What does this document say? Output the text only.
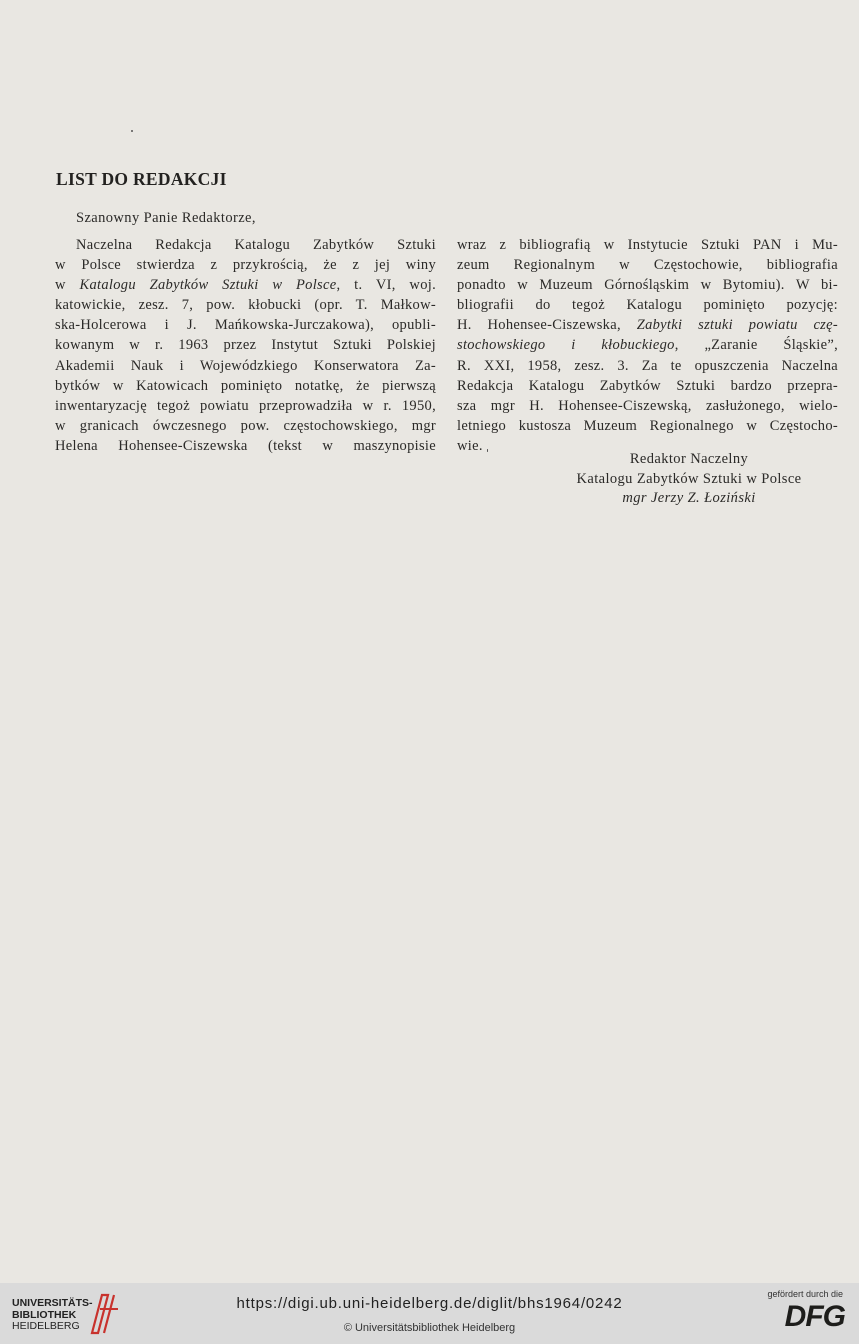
LIST DO REDAKCJI
Szanowny Panie Redaktorze,
Naczelna Redakcja Katalogu Zabytków Sztuki
w Polsce stwierdza z przykrością, że z jej winy
w Katalogu Zabytków Sztuki w Polsce, t. VI, woj.
katowickie, zesz. 7, pow. kłobucki (opr. T. Małkow-
ska-Holcerowa i J. Mańkowska-Jurczakowa), opubli-
kowanym w r. 1963 przez Instytut Sztuki Polskiej
Akademii Nauk i Wojewódzkiego Konserwatora Za-
bytków w Katowicach pominięto notatkę, że pierwszą
inwentaryzację tegoż powiatu przeprowadziła w r. 1950,
w granicach ówczesnego pow. częstochowskiego, mgr
Helena Hohensee-Ciszewska (tekst w maszynopisie
wraz z bibliografią w Instytucie Sztuki PAN i Mu-
zeum Regionalnym w Częstochowie, bibliografia
ponadto w Muzeum Górnośląskim w Bytomiu). W bi-
bliografii do tegoż Katalogu pominięto pozycję:
H. Hohensee-Ciszewska, Zabytki sztuki powiatu czę-
stochowskiego i kłobuckiego, „Zaranie Śląskie”,
R. XXI, 1958, zesz. 3. Za te opuszczenia Naczelna
Redakcja Katalogu Zabytków Sztuki bardzo przepra-
sza mgr H. Hohensee-Ciszewską, zasłużonego, wielo-
letniego kustosza Muzeum Regionalnego w Częstocho-
wie.
Redaktor Naczelny
Katalogu Zabytków Sztuki w Polsce
mgr Jerzy Z. Łoziński
UNIVERSITÄTS-
BIBLIOTHEK
HEIDELBERG
https://digi.ub.uni-heidelberg.de/diglit/bhs1964/0242
© Universitätsbibliothek Heidelberg
gefördert durch die
DFG
